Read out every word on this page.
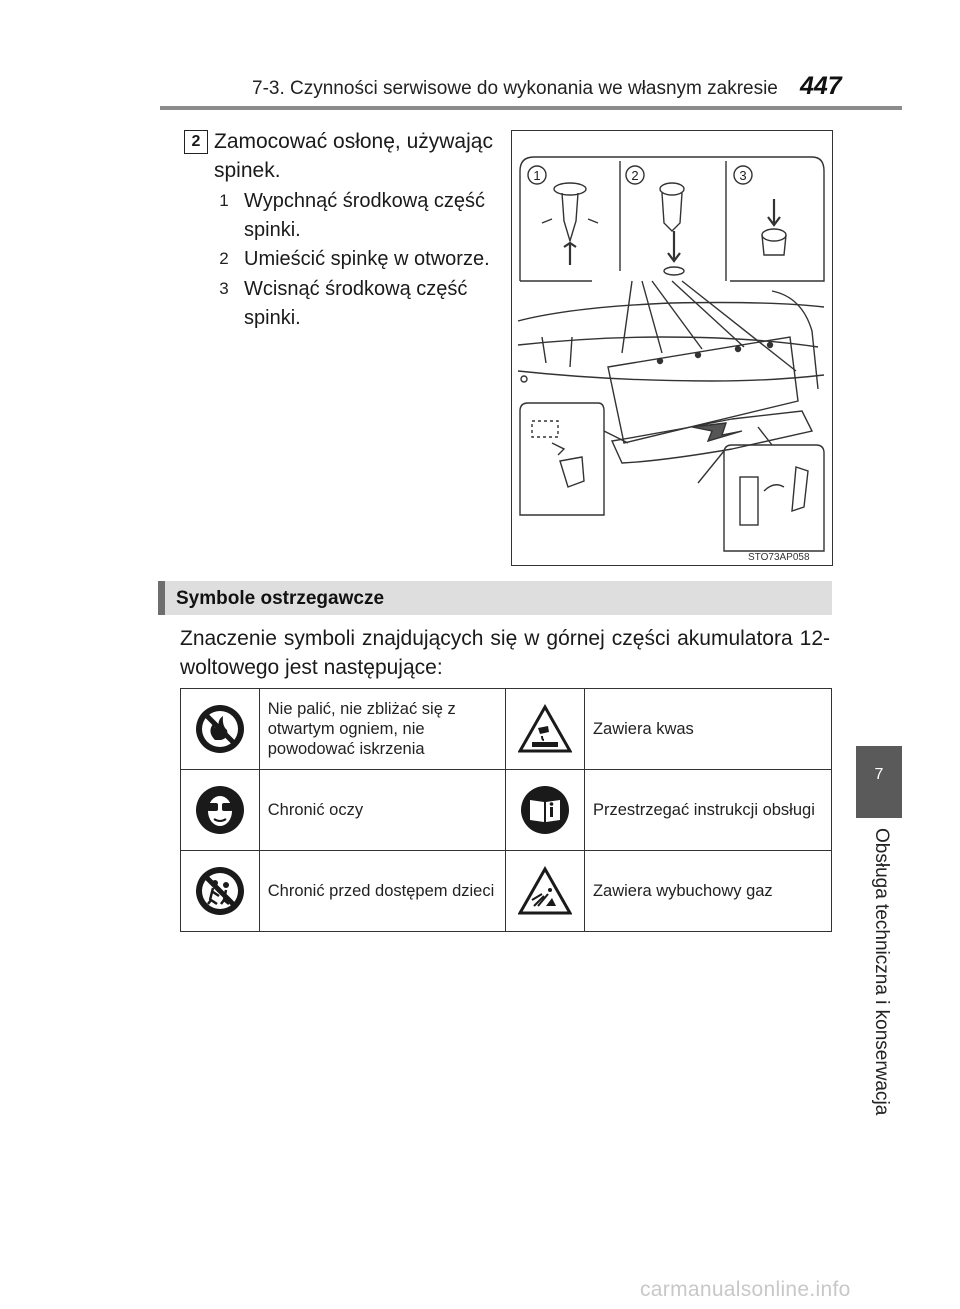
7-3. Czynności serwisowe do wykonania we własnym zakresie 447
7
Obsługa techniczna i konserwacja
2 Zamocować osłonę, używając spinek.
1 Wypchnąć środkową część spinki.
2 Umieścić spinkę w otworze.
3 Wcisnąć środkową część spinki.
1	2	3
STO73AP058
Symbole ostrzegawcze
Znaczenie symboli znajdujących się w górnej części akumulatora 12-woltowego jest następujące:
	Nie palić, nie zbliżać się z otwartym ogniem, nie powodować iskrzenia		Zawiera kwas

	Chronić oczy		Przestrzegać instrukcji obsługi

	Chronić przed dostępem dzieci		Zawiera wybuchowy gaz
carmanualsonline.info
